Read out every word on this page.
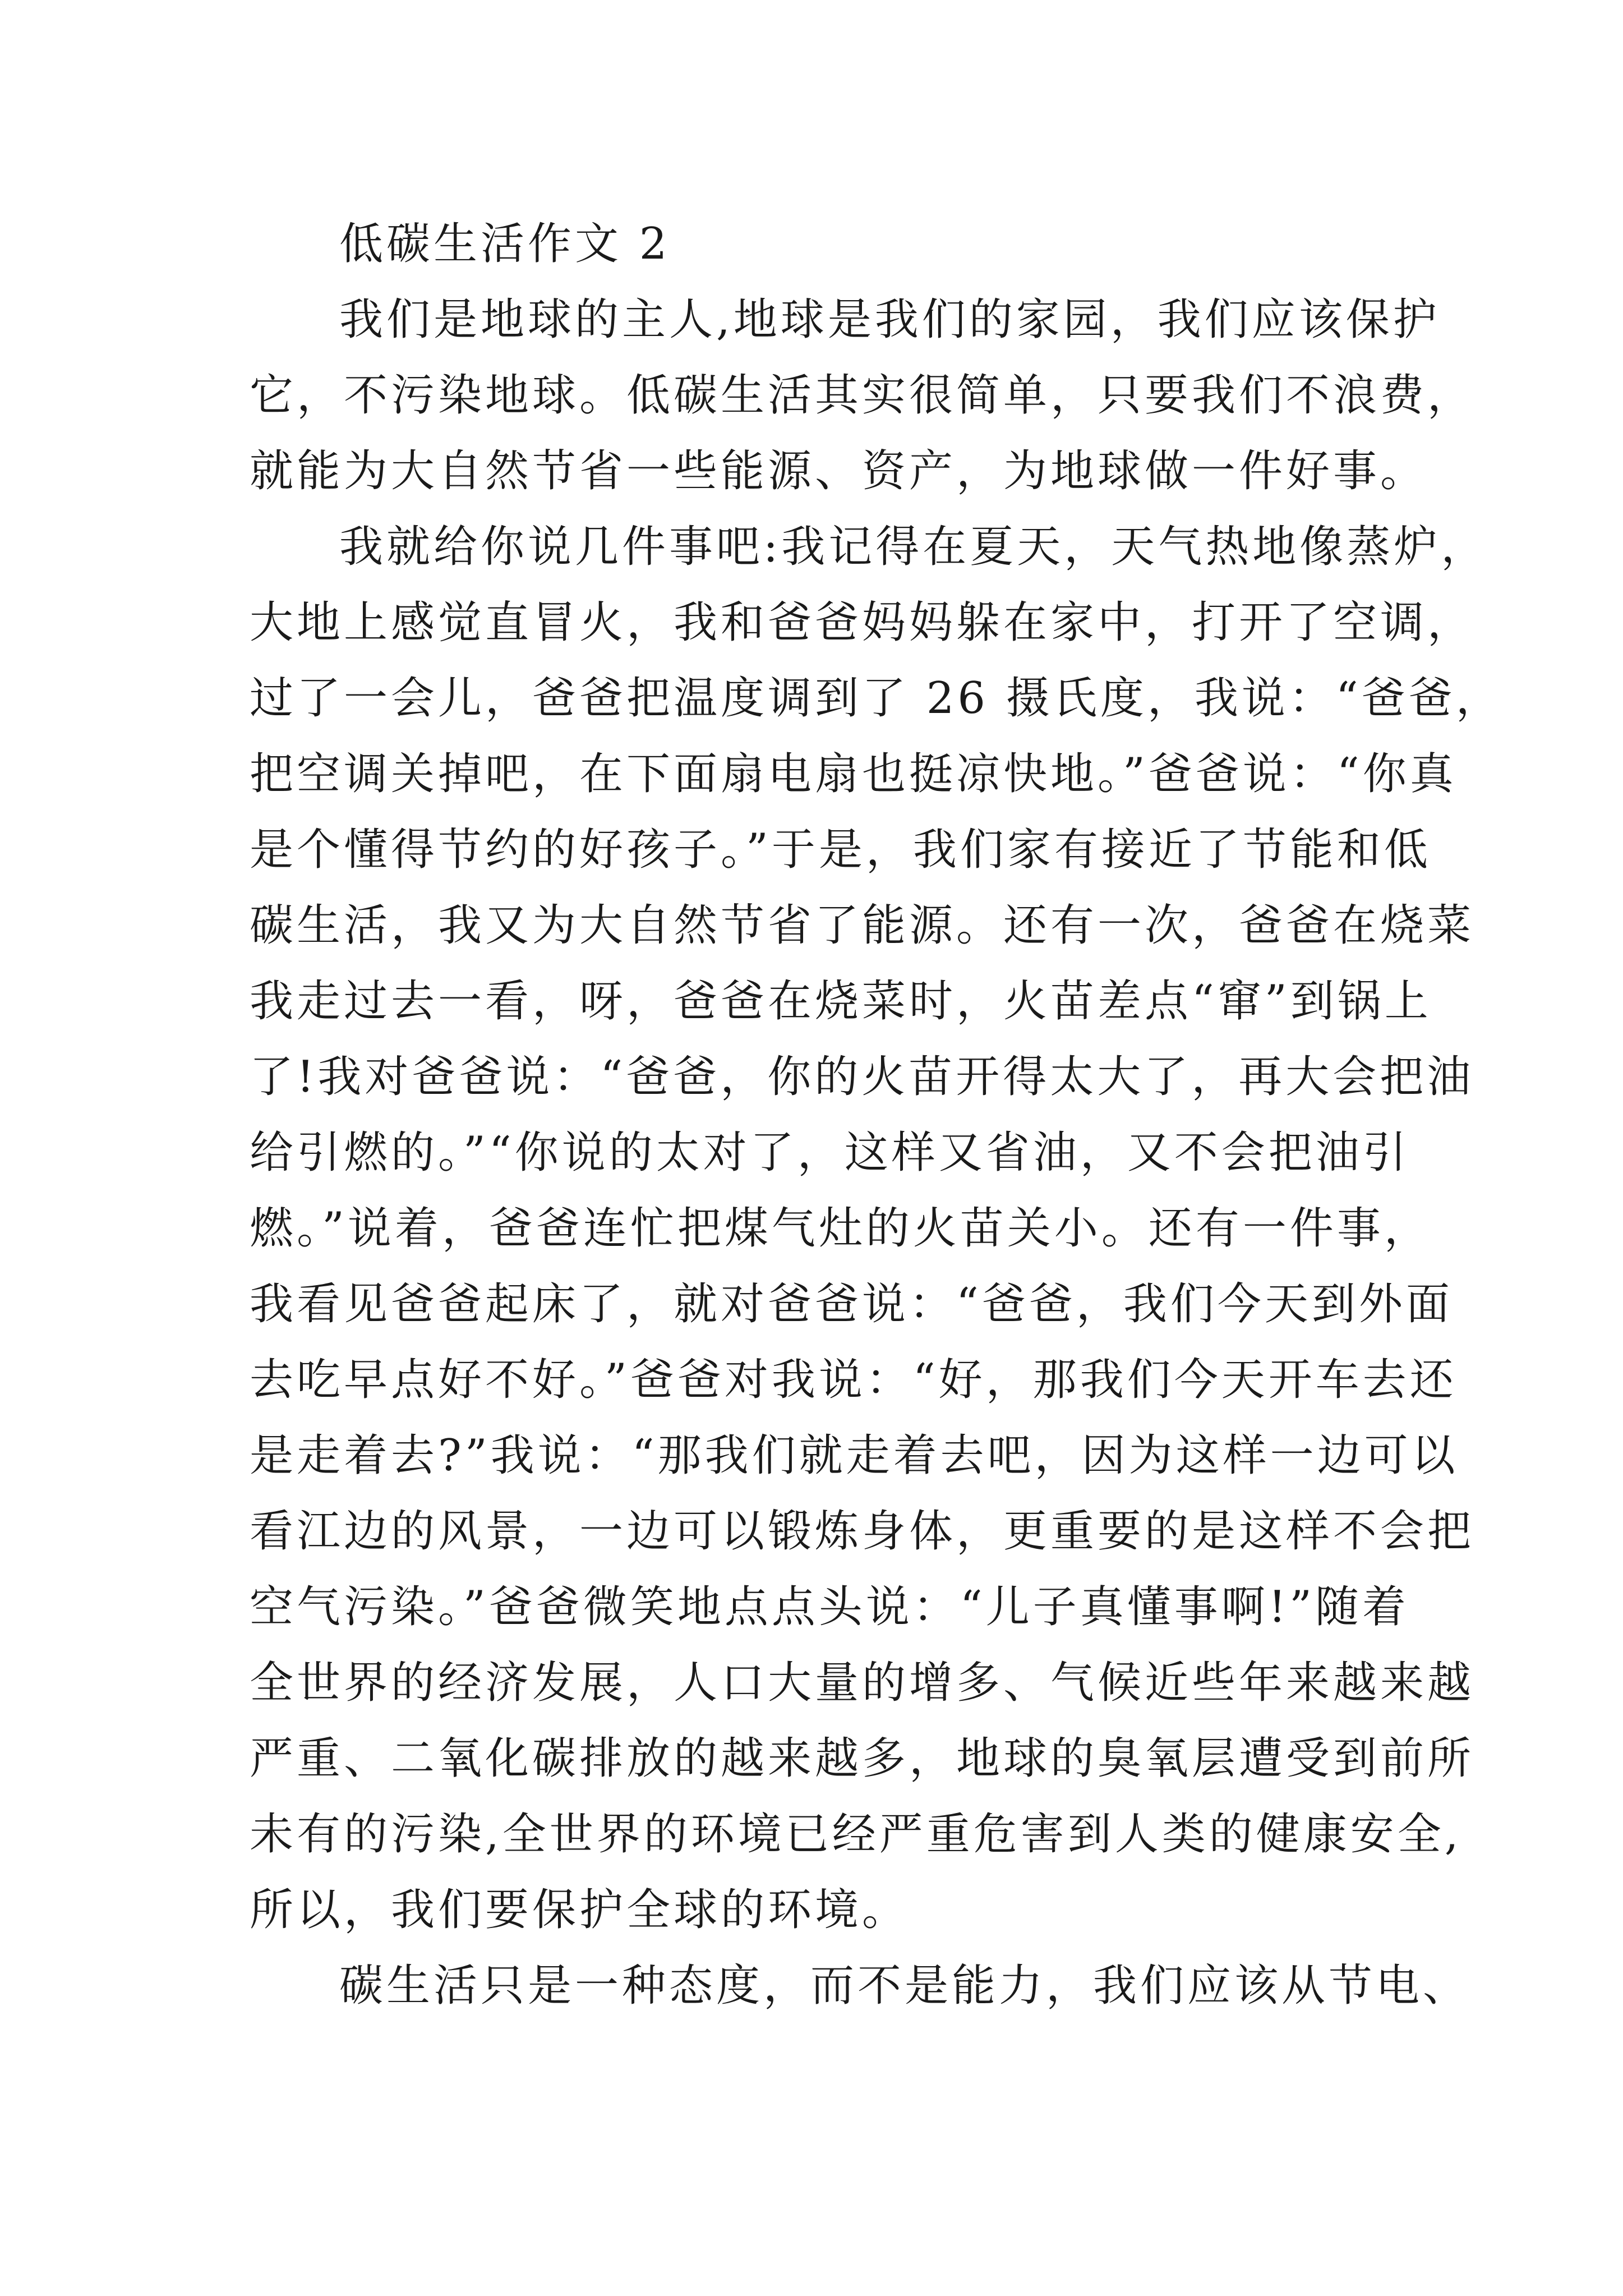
低碳生活作文 2
我们是地球的主人,地球是我们的家园，我们应该保护
它，不污染地球。低碳生活其实很简单，只要我们不浪费，
就能为大自然节省一些能源、资产，为地球做一件好事。
我就给你说几件事吧:我记得在夏天，天气热地像蒸炉，
大地上感觉直冒火，我和爸爸妈妈躲在家中，打开了空调，
过了一会儿，爸爸把温度调到了 26 摄氏度，我说：“爸爸，
把空调关掉吧，在下面扇电扇也挺凉快地。”爸爸说：“你真
是个懂得节约的好孩子。”于是，我们家有接近了节能和低
碳生活，我又为大自然节省了能源。还有一次，爸爸在烧菜
我走过去一看，呀，爸爸在烧菜时，火苗差点“窜”到锅上
了!我对爸爸说：“爸爸，你的火苗开得太大了，再大会把油
给引燃的。”“你说的太对了，这样又省油，又不会把油引
燃。”说着，爸爸连忙把煤气灶的火苗关小。还有一件事，
我看见爸爸起床了，就对爸爸说：“爸爸，我们今天到外面
去吃早点好不好。”爸爸对我说：“好，那我们今天开车去还
是走着去?”我说：“那我们就走着去吧，因为这样一边可以
看江边的风景，一边可以锻炼身体，更重要的是这样不会把
空气污染。”爸爸微笑地点点头说：“儿子真懂事啊!”随着
全世界的经济发展，人口大量的增多、气候近些年来越来越
严重、二氧化碳排放的越来越多，地球的臭氧层遭受到前所
未有的污染,全世界的环境已经严重危害到人类的健康安全,
所以，我们要保护全球的环境。
碳生活只是一种态度，而不是能力，我们应该从节电、
